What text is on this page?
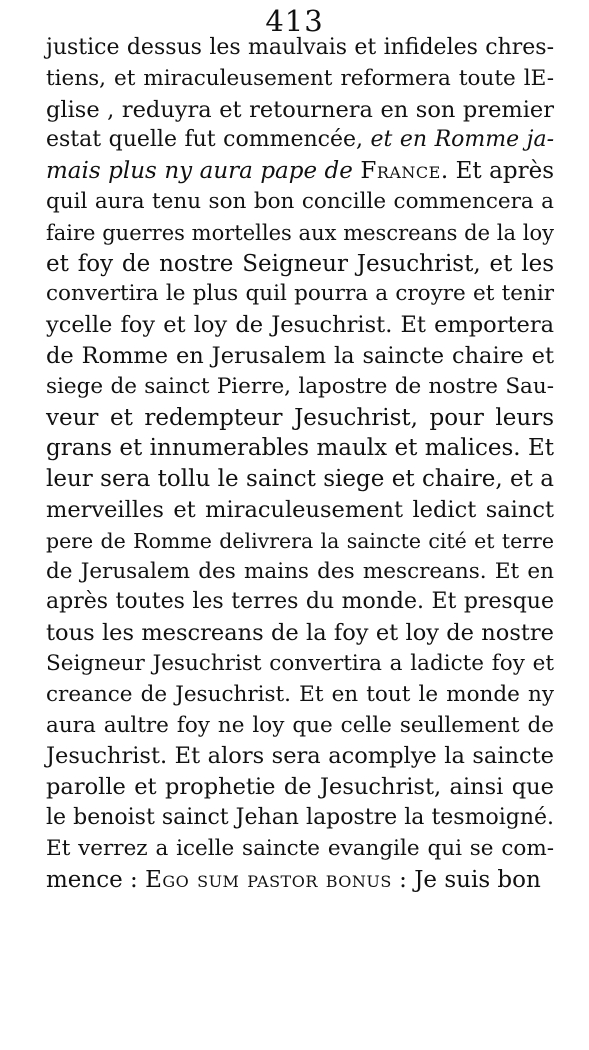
413
justice dessus les maulvais et infideles chres-
tiens, et miraculeusement reformera toute lE-
glise , reduyra et retournera en son premier
estat quelle fut commencée, et en Romme ja-
mais plus ny aura pape de France. Et après
quil aura tenu son bon concille commencera a
faire guerres mortelles aux mescreans de la loy
et foy de nostre Seigneur Jesuchrist, et les
convertira le plus quil pourra a croyre et tenir
ycelle foy et loy de Jesuchrist. Et emportera
de Romme en Jerusalem la saincte chaire et
siege de sainct Pierre, lapostre de nostre Sau-
veur et redempteur Jesuchrist, pour leurs
grans et innumerables maulx et malices. Et
leur sera tollu le sainct siege et chaire, et a
merveilles et miraculeusement ledict sainct
pere de Romme delivrera la saincte cité et terre
de Jerusalem des mains des mescreans. Et en
après toutes les terres du monde. Et presque
tous les mescreans de la foy et loy de nostre
Seigneur Jesuchrist convertira a ladicte foy et
creance de Jesuchrist. Et en tout le monde ny
aura aultre foy ne loy que celle seullement de
Jesuchrist. Et alors sera acomplye la saincte
parolle et prophetie de Jesuchrist, ainsi que
le benoist sainct Jehan lapostre la tesmoigné.
Et verrez a icelle saincte evangile qui se com-
mence : Ego sum pastor bonus : Je suis bon
